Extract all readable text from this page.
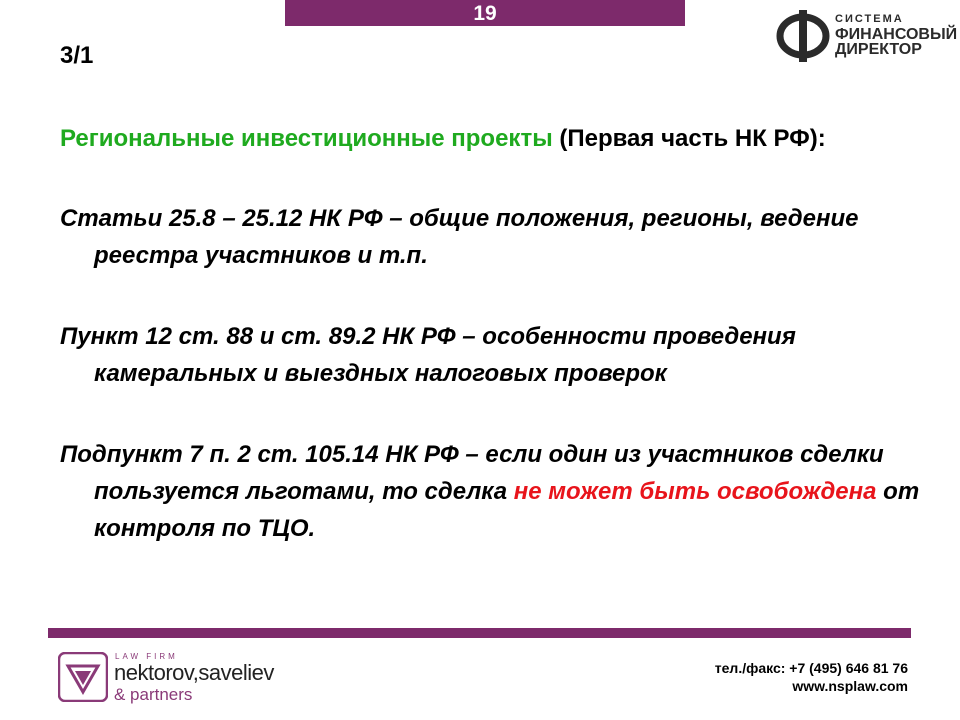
19	СИСТЕМА
ФИНАНСОВЫЙ
ДИРЕКТОР
3/1
Региональные инвестиционные проекты (Первая часть НК РФ):
Статьи 25.8 – 25.12 НК РФ – общие положения, регионы, ведение реестра участников и т.п.
Пункт 12 ст. 88 и ст. 89.2 НК РФ – особенности проведения камеральных и выездных налоговых проверок
Подпункт 7 п. 2 ст. 105.14 НК РФ – если один из участников сделки пользуется льготами, то сделка не может быть освобождена от контроля по ТЦО.
LAW FIRM
nektorov,saveliev
& partners
тел./факс: +7 (495) 646 81 76
www.nsplaw.com
